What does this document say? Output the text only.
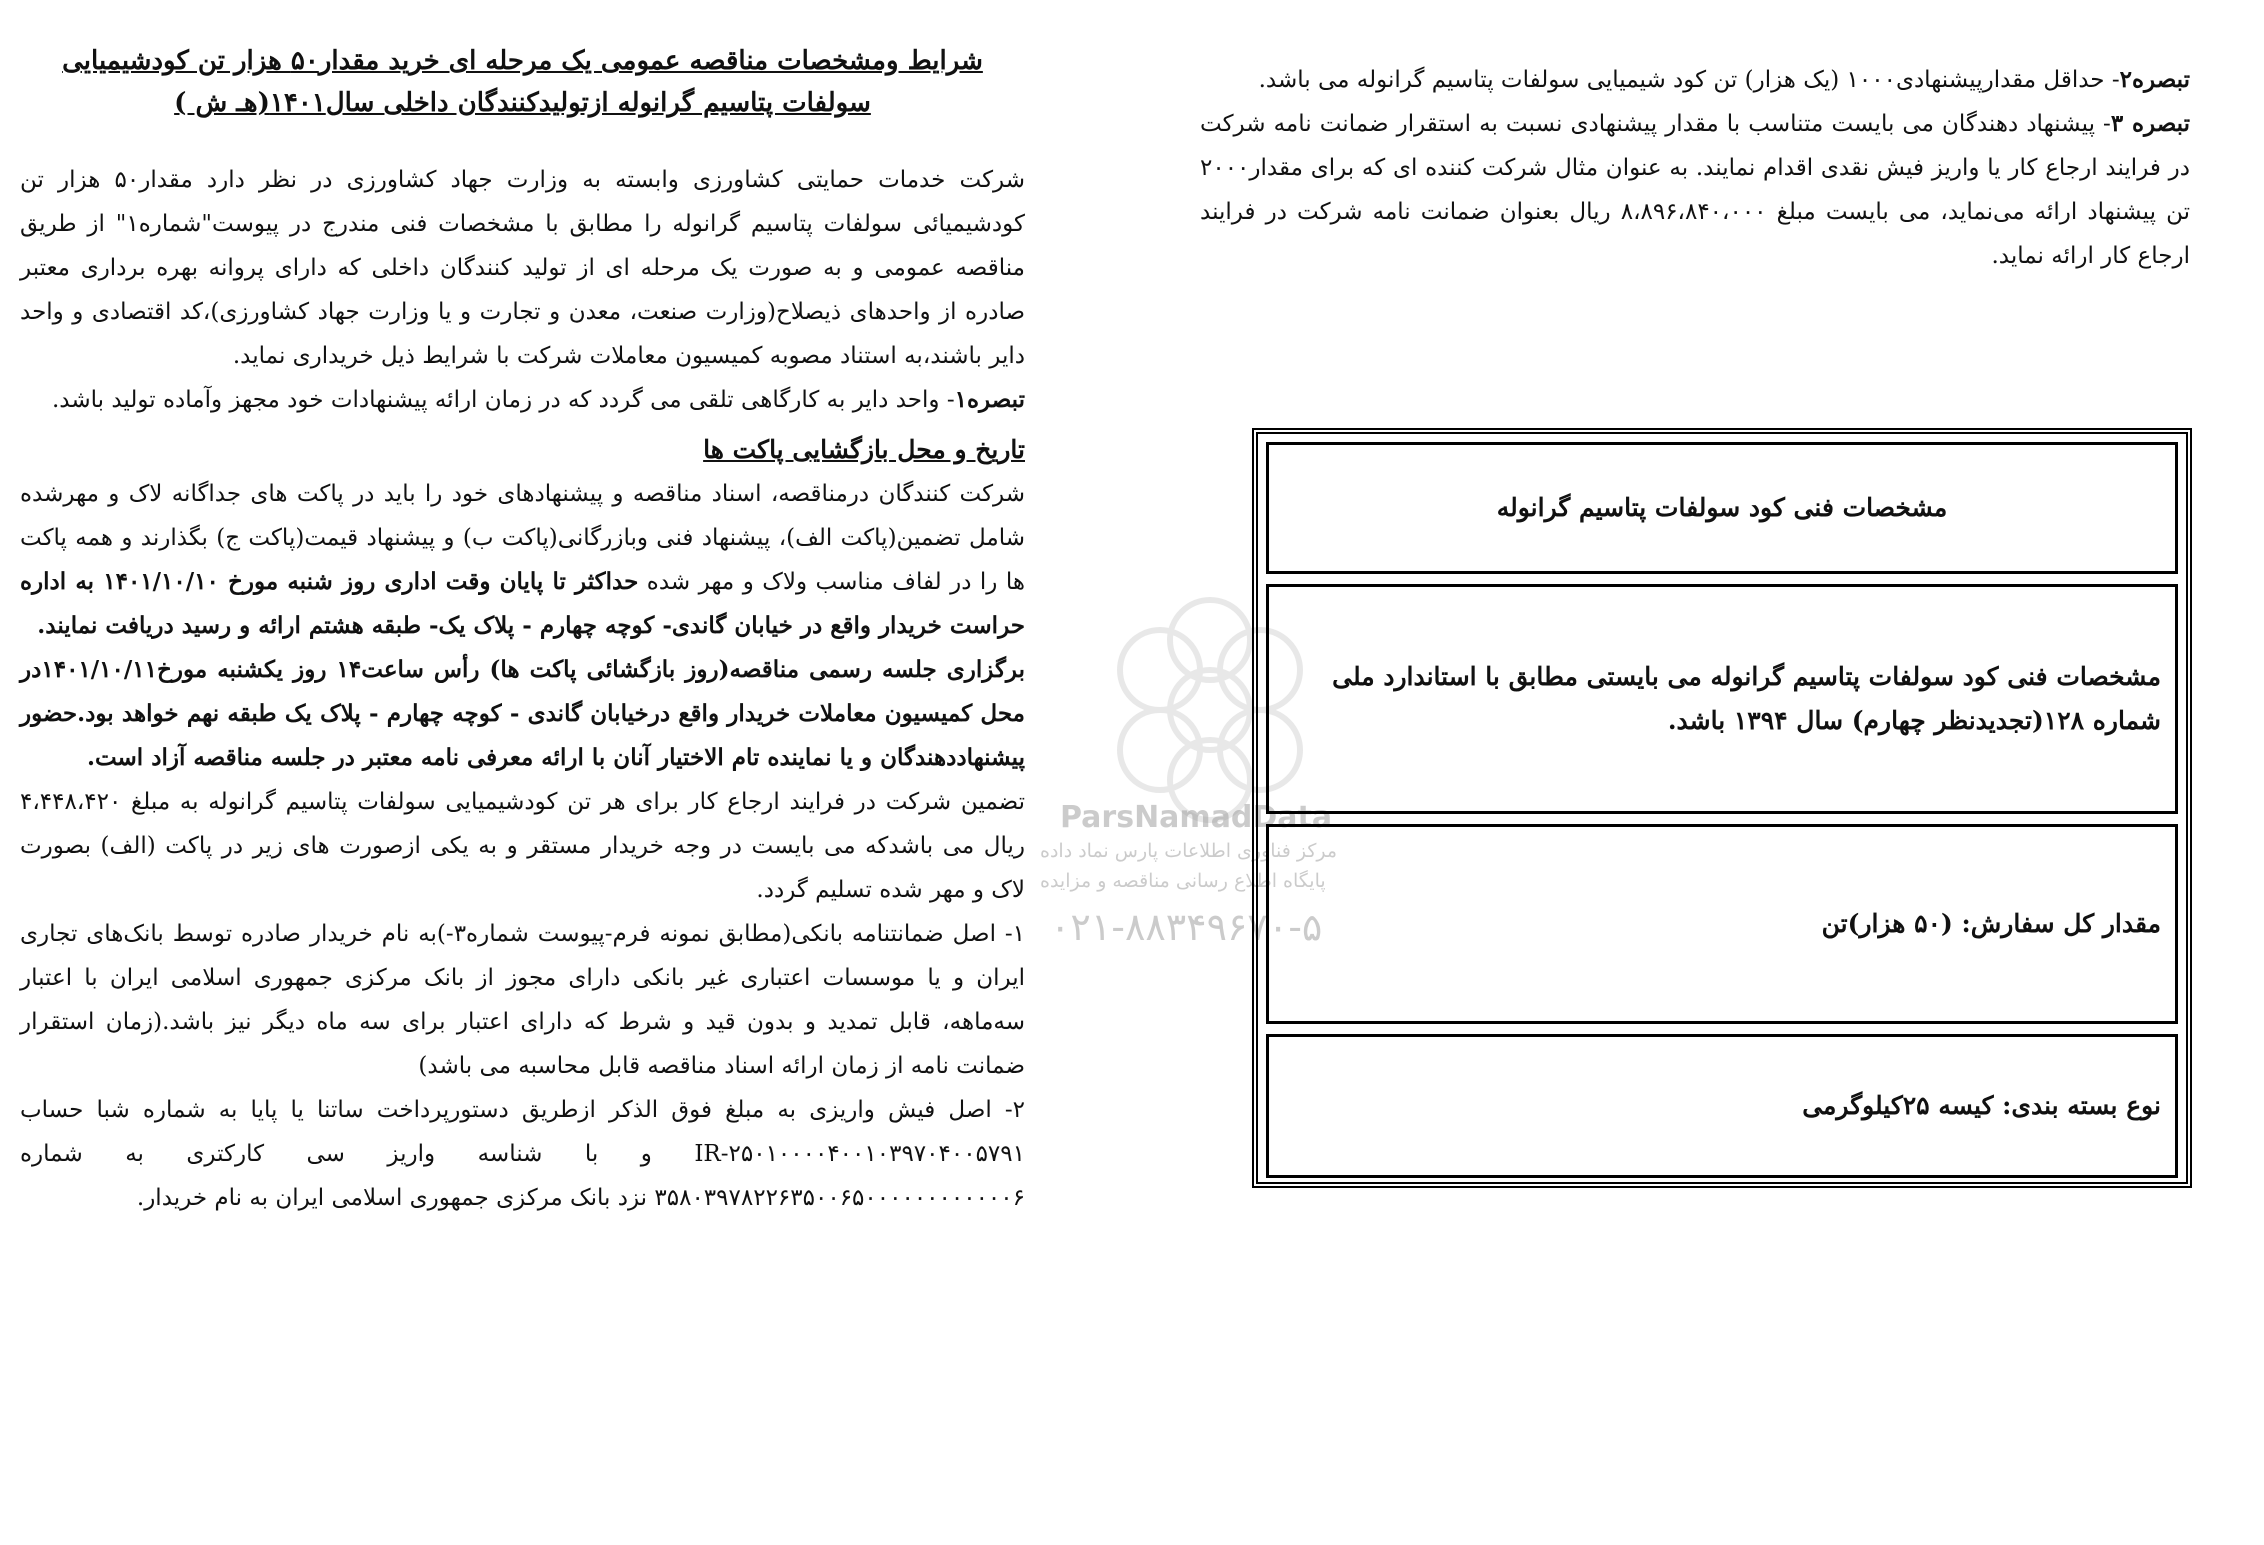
ParsNamadData
مرکز فناوری اطلاعات پارس نماد داده
پایگاه اطلاع رسانی مناقصه و مزایده
۰۲۱-۸۸۳۴۹۶۷۰-۵
شرایط ومشخصات مناقصه عمومی یک مرحله ای خرید مقدار۵۰ هزار تن کودشیمیایی
سولفات پتاسیم گرانوله ازتولیدکنندگان داخلی سال۱۴۰۱(هـ ش )

شرکت خدمات حمایتی کشاورزی وابسته به وزارت جهاد کشاورزی در نظر دارد مقدار۵۰ هزار تن کودشیمیائی سولفات پتاسیم گرانوله را مطابق با مشخصات فنی مندرج در پیوست"شماره۱" از طریق مناقصه عمومی و به صورت یک مرحله ای از تولید کنندگان داخلی که دارای پروانه بهره برداری معتبر صادره از واحدهای ذیصلاح(وزارت صنعت، معدن و تجارت و یا وزارت جهاد کشاورزی)،کد اقتصادی و واحد دایر باشند،به استناد مصوبه کمیسیون معاملات شرکت با شرایط ذیل خریداری نماید.

تبصره۱- واحد دایر به کارگاهی تلقی می گردد که در زمان ارائه پیشنهادات خود مجهز وآماده تولید باشد.

تاریخ و محل بازگشایی پاکت ها

شرکت کنندگان درمناقصه، اسناد مناقصه و پیشنهادهای خود را باید در پاکت های جداگانه لاک و مهرشده شامل تضمین(پاکت الف)، پیشنهاد فنی وبازرگانی(پاکت ب) و پیشنهاد قیمت(پاکت ج) بگذارند و همه پاکت ها را در لفاف مناسب ولاک و مهر شده حداکثر تا پایان وقت اداری روز شنبه مورخ ۱۴۰۱/۱۰/۱۰ به اداره حراست خریدار واقع در خیابان گاندی- کوچه چهارم - پلاک یک- طبقه هشتم ارائه و رسید دریافت نمایند.

برگزاری جلسه رسمی مناقصه(روز بازگشائی پاکت ها) رأس ساعت۱۴ روز یکشنبه مورخ۱۴۰۱/۱۰/۱۱در محل کمیسیون معاملات خریدار واقع درخیابان گاندی - کوچه چهارم - پلاک یک طبقه نهم خواهد بود.حضور پیشنهاددهندگان و یا نماینده تام الاختیار آنان با ارائه معرفی نامه معتبر در جلسه مناقصه آزاد است.

تضمین شرکت در فرایند ارجاع کار برای هر تن کودشیمیایی سولفات پتاسیم گرانوله به مبلغ ۴،۴۴۸،۴۲۰ ریال می باشدکه می بایست در وجه خریدار مستقر و به یکی ازصورت های زیر در پاکت (الف) بصورت لاک و مهر شده تسلیم گردد.

۱- اصل ضمانتنامه بانکی(مطابق نمونه فرم-پیوست شماره۳-)به نام خریدار صادره توسط بانک‌های تجاری ایران و یا موسسات اعتباری غیر بانکی دارای مجوز از بانک مرکزی جمهوری اسلامی ایران با اعتبار سه‌ماهه، قابل تمدید و بدون قید و شرط که دارای اعتبار برای سه ماه دیگر نیز باشد.(زمان استقرار ضمانت نامه از زمان ارائه اسناد مناقصه قابل محاسبه می باشد)

۲- اصل فیش واریزی به مبلغ فوق الذکر ازطریق دستورپرداخت ساتنا یا پایا به شماره شبا حساب IR-۲۵۰۱۰۰۰۰۴۰۰۱۰۳۹۷۰۴۰۰۵۷۹۱ و با شناسه واریز سی کارکتری به شماره ۳۵۸۰۳۹۷۸۲۲۶۳۵۰۰۶۵۰۰۰۰۰۰۰۰۰۰۰۰۶ نزد بانک مرکزی جمهوری اسلامی ایران به نام خریدار.

تبصره۲- حداقل مقدارپیشنهادی۱۰۰۰ (یک هزار) تن کود شیمیایی سولفات پتاسیم گرانوله می باشد.

تبصره ۳- پیشنهاد دهندگان می بایست متناسب با مقدار پیشنهادی نسبت به استقرار ضمانت نامه شرکت در فرایند ارجاع کار یا واریز فیش نقدی اقدام نمایند. به عنوان مثال شرکت کننده ای که برای مقدار۲۰۰۰ تن پیشنهاد ارائه می‌نماید، می بایست مبلغ ۸،۸۹۶،۸۴۰،۰۰۰ ریال بعنوان ضمانت نامه شرکت در فرایند ارجاع کار ارائه نماید.

مشخصات فنی کود سولفات پتاسیم گرانوله
مشخصات فنی کود سولفات پتاسیم گرانوله می بایستی مطابق با استاندارد ملی شماره ۱۲۸(تجدیدنظر چهارم) سال ۱۳۹۴ باشد.
مقدار کل سفارش: (۵۰ هزار)تن
نوع بسته بندی: کیسه ۲۵کیلوگرمی
